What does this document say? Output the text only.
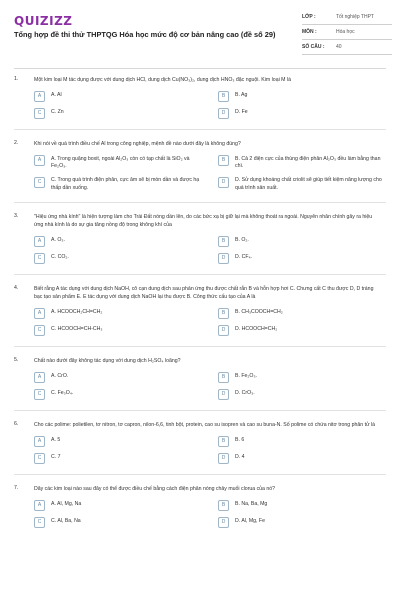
QUIZIZZ
Tổng hợp đề thi thử THPTQG Hóa học mức độ cơ bản nâng cao (đề số 29)
LỚP :	Tốt nghiệp THPT
MÔN :	Hóa học
SỐ CÂU :	40
1.	Một kim loại M tác dụng được với dung dịch HCl, dung dịch Cu(NO₃)₂, dung dịch HNO₃ đặc nguội. Kim loại M là
A	A. Al	B	B. Ag
C	C. Zn	D	D. Fe
2.	Khi nói về quá trình điều chế Al trong công nghiệp, mệnh đề nào dưới đây là không đúng?
A	A. Trong quặng boxit, ngoài Al₂O₃ còn có tạp chất là SiO₂ và Fe₂O₃.
B	B. Cả 2 điện cực của thùng điện phân Al₂O₃ đều làm bằng than chì.
C	C. Trong quá trình điện phân, cực âm sẽ bị mòn dần và được hạ thấp dần xuống.
D	D. Sử dụng khoáng chất criolit sẽ giúp tiết kiệm năng lượng cho quá trình sản xuất.
3.	"Hiệu ứng nhà kính" là hiện tượng làm cho Trái Đất nóng dần lên, do các bức xạ bị giữ lại mà không thoát ra ngoài. Nguyên nhân chính gây ra hiệu ứng nhà kính là do sự gia tăng nồng độ trong không khí của
A	A. O₃.	B	B. O₂.
C	C. CO₂.	D	D. CF₄.
4.	Biết rằng A tác dụng với dung dịch NaOH, cô cạn dung dịch sau phản ứng thu được chất rắn B và hỗn hợp hơi C. Chưng cất C thu được D, D tráng bạc tạo sản phẩm E. E tác dụng với dung dịch NaOH lại thu được B. Công thức cấu tạo của A là
A	A. HCOOCH₂CH=CH₂	B	B. CH₃COOCH=CH₂
C	C. HCOOCH=CH-CH₃	D	D. HCOOCH=CH₂
5.	Chất nào dưới đây không tác dụng với dung dịch H₂SO₄ loãng?
A	A. CrO.	B	B. Fe₂O₃.
C	C. Fe₃O₄.	D	D. CrO₃.
6.	Cho các polime: polietilen, tơ nitron, tơ capron, nilon-6,6, tinh bột, protein, cao su isopren và cao su buna-N. Số polime có chứa nitơ trong phân tử là
A	A. 5	B	B. 6
C	C. 7	D	D. 4
7.	Dãy các kim loại nào sau đây có thể được điều chế bằng cách điện phân nóng chảy muối clorua của nó?
A	A. Al, Mg, Na	B	B. Na, Ba, Mg
C	C. Al, Ba, Na	D	D. Al, Mg, Fe
